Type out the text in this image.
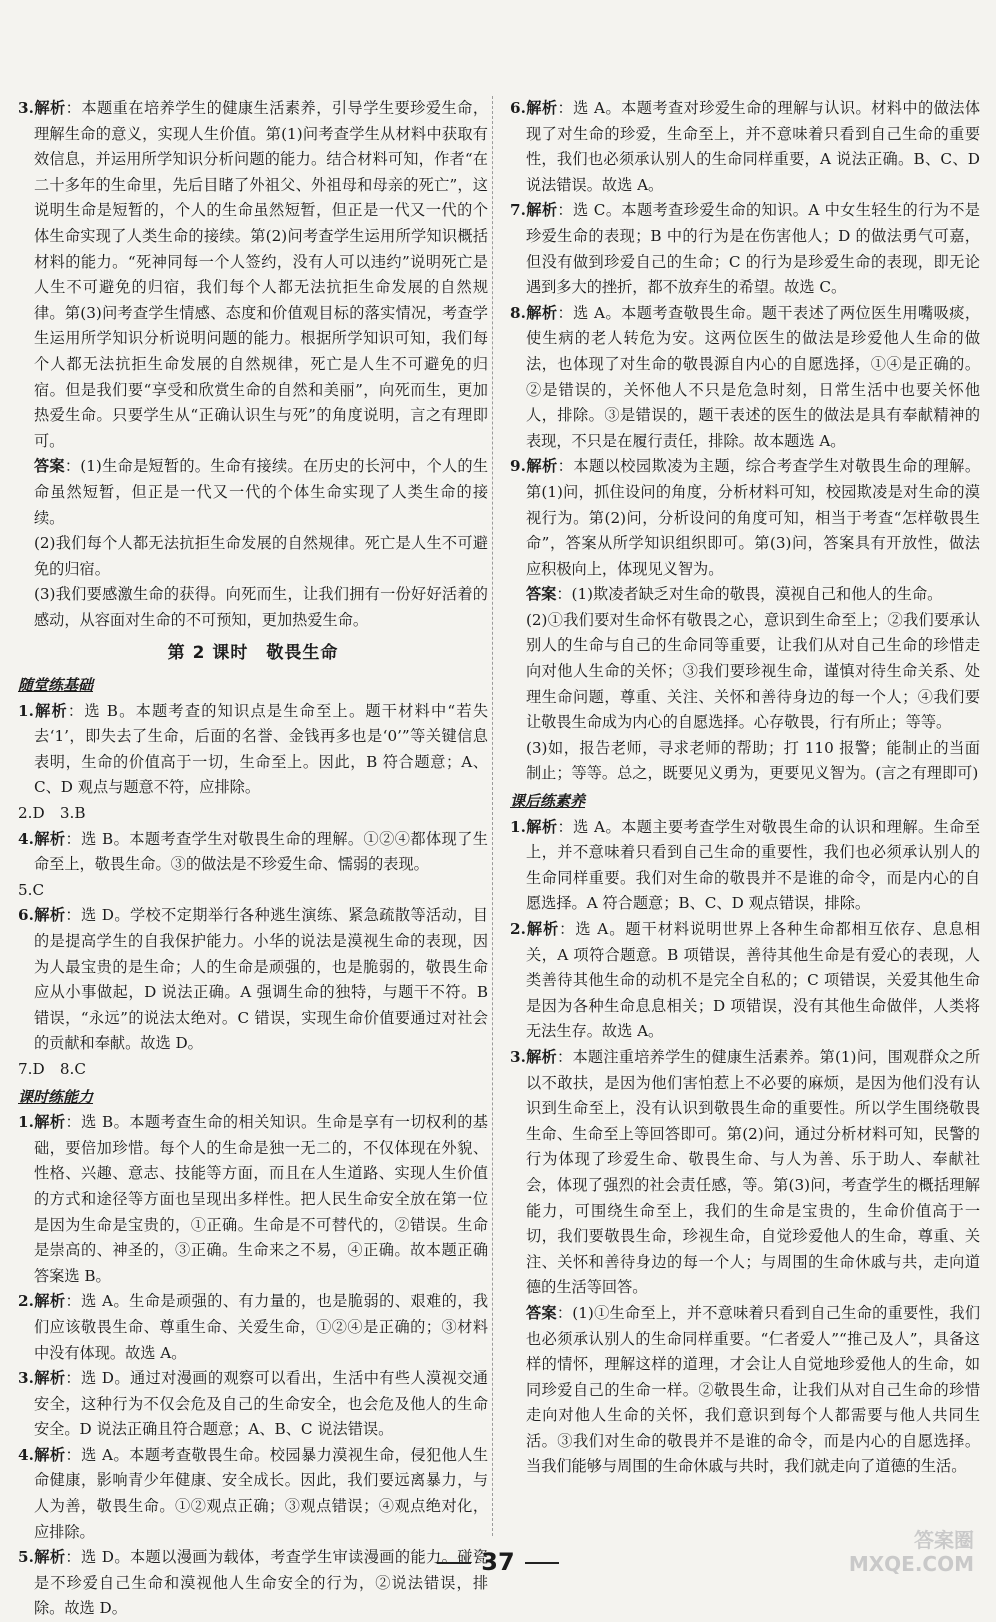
3.解析：本题重在培养学生的健康生活素养，引导学生要珍爱生命，理解生命的意义，实现人生价值。第(1)问考查学生从材料中获取有效信息，并运用所学知识分析问题的能力。结合材料可知，作者“在二十多年的生命里，先后目睹了外祖父、外祖母和母亲的死亡”，这说明生命是短暂的，个人的生命虽然短暂，但正是一代又一代的个体生命实现了人类生命的接续。第(2)问考查学生运用所学知识概括材料的能力。“死神同每一个人签约，没有人可以违约”说明死亡是人生不可避免的归宿，我们每个人都无法抗拒生命发展的自然规律。第(3)问考查学生情感、态度和价值观目标的落实情况，考查学生运用所学知识分析说明问题的能力。根据所学知识可知，我们每个人都无法抗拒生命发展的自然规律，死亡是人生不可避免的归宿。但是我们要“享受和欣赏生命的自然和美丽”，向死而生，更加热爱生命。只要学生从“正确认识生与死”的角度说明，言之有理即可。

答案：(1)生命是短暂的。生命有接续。在历史的长河中，个人的生命虽然短暂，但正是一代又一代的个体生命实现了人类生命的接续。

(2)我们每个人都无法抗拒生命发展的自然规律。死亡是人生不可避免的归宿。

(3)我们要感激生命的获得。向死而生，让我们拥有一份好好活着的感动，从容面对生命的不可预知，更加热爱生命。

第 2 课时　敬畏生命
随堂练基础

1.解析：选 B。本题考查的知识点是生命至上。题干材料中“若失去‘1’，即失去了生命，后面的名誉、金钱再多也是‘0’”等关键信息表明，生命的价值高于一切，生命至上。因此，B 符合题意；A、C、D 观点与题意不符，应排除。

2.D　3.B

4.解析：选 B。本题考查学生对敬畏生命的理解。①②④都体现了生命至上，敬畏生命。③的做法是不珍爱生命、懦弱的表现。

5.C

6.解析：选 D。学校不定期举行各种逃生演练、紧急疏散等活动，目的是提高学生的自我保护能力。小华的说法是漠视生命的表现，因为人最宝贵的是生命；人的生命是顽强的，也是脆弱的，敬畏生命应从小事做起，D 说法正确。A 强调生命的独特，与题干不符。B 错误，“永远”的说法太绝对。C 错误，实现生命价值要通过对社会的贡献和奉献。故选 D。

7.D　8.C

课时练能力

1.解析：选 B。本题考查生命的相关知识。生命是享有一切权利的基础，要倍加珍惜。每个人的生命是独一无二的，不仅体现在外貌、性格、兴趣、意志、技能等方面，而且在人生道路、实现人生价值的方式和途径等方面也呈现出多样性。把人民生命安全放在第一位是因为生命是宝贵的，①正确。生命是不可替代的，②错误。生命是崇高的、神圣的，③正确。生命来之不易，④正确。故本题正确答案选 B。

2.解析：选 A。生命是顽强的、有力量的，也是脆弱的、艰难的，我们应该敬畏生命、尊重生命、关爱生命，①②④是正确的；③材料中没有体现。故选 A。

3.解析：选 D。通过对漫画的观察可以看出，生活中有些人漠视交通安全，这种行为不仅会危及自己的生命安全，也会危及他人的生命安全。D 说法正确且符合题意；A、B、C 说法错误。

4.解析：选 A。本题考查敬畏生命。校园暴力漠视生命，侵犯他人生命健康，影响青少年健康、安全成长。因此，我们要远离暴力，与人为善，敬畏生命。①②观点正确；③观点错误；④观点绝对化，应排除。

5.解析：选 D。本题以漫画为载体，考查学生审读漫画的能力。碰瓷是不珍爱自己生命和漠视他人生命安全的行为，②说法错误，排除。故选 D。

6.解析：选 A。本题考查对珍爱生命的理解与认识。材料中的做法体现了对生命的珍爱，生命至上，并不意味着只看到自己生命的重要性，我们也必须承认别人的生命同样重要，A 说法正确。B、C、D 说法错误。故选 A。

7.解析：选 C。本题考查珍爱生命的知识。A 中女生轻生的行为不是珍爱生命的表现；B 中的行为是在伤害他人；D 的做法勇气可嘉，但没有做到珍爱自己的生命；C 的行为是珍爱生命的表现，即无论遇到多大的挫折，都不放弃生的希望。故选 C。

8.解析：选 A。本题考查敬畏生命。题干表述了两位医生用嘴吸痰，使生病的老人转危为安。这两位医生的做法是珍爱他人生命的做法，也体现了对生命的敬畏源自内心的自愿选择，①④是正确的。②是错误的，关怀他人不只是危急时刻，日常生活中也要关怀他人，排除。③是错误的，题干表述的医生的做法是具有奉献精神的表现，不只是在履行责任，排除。故本题选 A。

9.解析：本题以校园欺凌为主题，综合考查学生对敬畏生命的理解。第(1)问，抓住设问的角度，分析材料可知，校园欺凌是对生命的漠视行为。第(2)问，分析设问的角度可知，相当于考查“怎样敬畏生命”，答案从所学知识组织即可。第(3)问，答案具有开放性，做法应积极向上，体现见义智为。

答案：(1)欺凌者缺乏对生命的敬畏，漠视自己和他人的生命。

(2)①我们要对生命怀有敬畏之心，意识到生命至上；②我们要承认别人的生命与自己的生命同等重要，让我们从对自己生命的珍惜走向对他人生命的关怀；③我们要珍视生命，谨慎对待生命关系、处理生命问题，尊重、关注、关怀和善待身边的每一个人；④我们要让敬畏生命成为内心的自愿选择。心存敬畏，行有所止；等等。

(3)如，报告老师，寻求老师的帮助；打 110 报警；能制止的当面制止；等等。总之，既要见义勇为，更要见义智为。(言之有理即可)

课后练素养

1.解析：选 A。本题主要考查学生对敬畏生命的认识和理解。生命至上，并不意味着只看到自己生命的重要性，我们也必须承认别人的生命同样重要。我们对生命的敬畏并不是谁的命令，而是内心的自愿选择。A 符合题意；B、C、D 观点错误，排除。

2.解析：选 A。题干材料说明世界上各种生命都相互依存、息息相关，A 项符合题意。B 项错误，善待其他生命是有爱心的表现，人类善待其他生命的动机不是完全自私的；C 项错误，关爱其他生命是因为各种生命息息相关；D 项错误，没有其他生命做伴，人类将无法生存。故选 A。

3.解析：本题注重培养学生的健康生活素养。第(1)问，围观群众之所以不敢扶，是因为他们害怕惹上不必要的麻烦，是因为他们没有认识到生命至上，没有认识到敬畏生命的重要性。所以学生围绕敬畏生命、生命至上等回答即可。第(2)问，通过分析材料可知，民警的行为体现了珍爱生命、敬畏生命、与人为善、乐于助人、奉献社会，体现了强烈的社会责任感，等。第(3)问，考查学生的概括理解能力，可围绕生命至上，我们的生命是宝贵的，生命价值高于一切，我们要敬畏生命，珍视生命，自觉珍爱他人的生命，尊重、关注、关怀和善待身边的每一个人；与周围的生命休戚与共，走向道德的生活等回答。

答案：(1)①生命至上，并不意味着只看到自己生命的重要性，我们也必须承认别人的生命同样重要。“仁者爱人”“推己及人”，具备这样的情怀，理解这样的道理，才会让人自觉地珍爱他人的生命，如同珍爱自己的生命一样。②敬畏生命，让我们从对自己生命的珍惜走向对他人生命的关怀，我们意识到每个人都需要与他人共同生活。③我们对生命的敬畏并不是谁的命令，而是内心的自愿选择。当我们能够与周围的生命休戚与共时，我们就走向了道德的生活。

37
答案圈 MXQE.COM
